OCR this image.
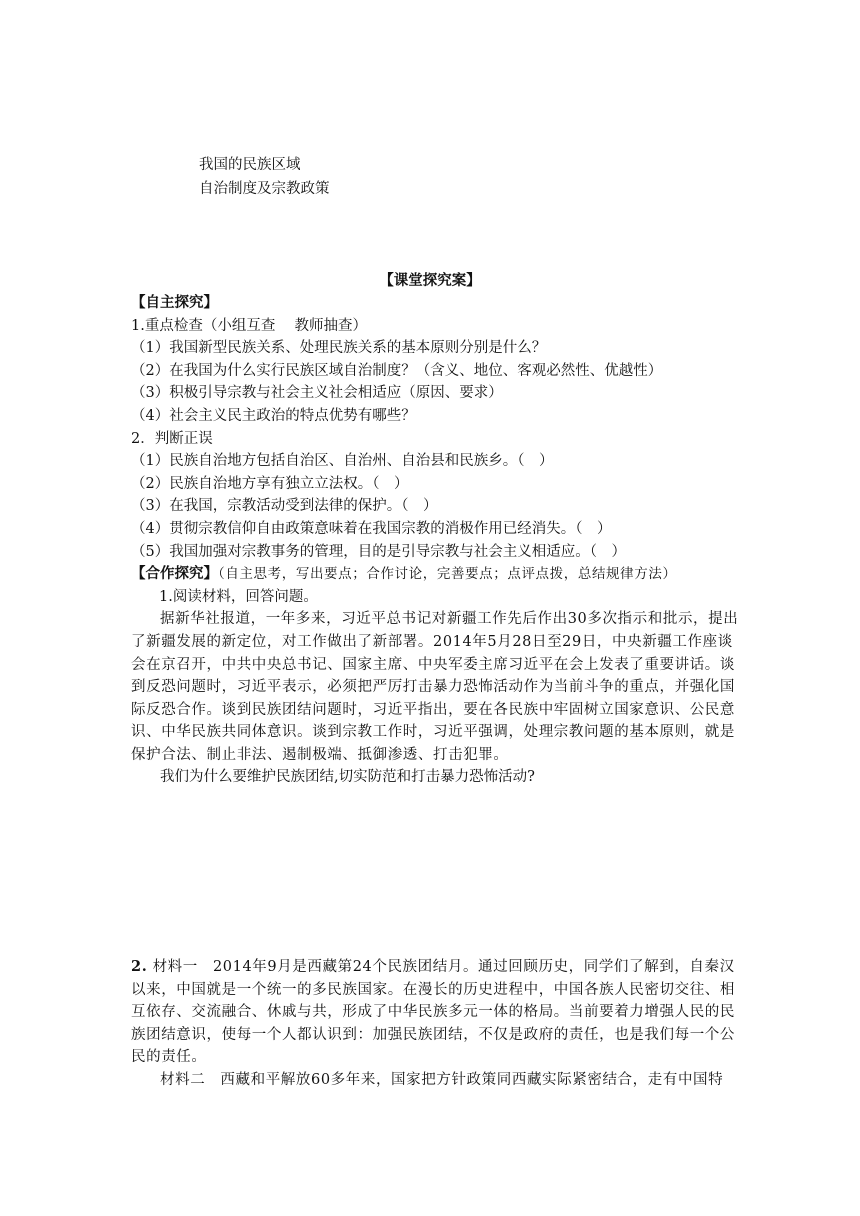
我国的民族区域
自治制度及宗教政策
【课堂探究案】

【自主探究】

1.重点检查（小组互查　 教师抽查）

（1）我国新型民族关系、处理民族关系的基本原则分别是什么？

（2）在我国为什么实行民族区域自治制度？（含义、地位、客观必然性、优越性）

（3）积极引导宗教与社会主义社会相适应（原因、要求）

（4）社会主义民主政治的特点优势有哪些？

2．判断正误

（1）民族自治地方包括自治区、自治州、自治县和民族乡。（　）

（2）民族自治地方享有独立立法权。（　）

（3）在我国，宗教活动受到法律的保护。（　）

（4）贯彻宗教信仰自由政策意味着在我国宗教的消极作用已经消失。（　）

（5）我国加强对宗教事务的管理，目的是引导宗教与社会主义相适应。（　）

【合作探究】（自主思考，写出要点；合作讨论，完善要点；点评点拨，总结规律方法）

1.阅读材料，回答问题。

据新华社报道，一年多来，习近平总书记对新疆工作先后作出30多次指示和批示，提出了新疆发展的新定位，对工作做出了新部署。2014年5月28日至29日，中央新疆工作座谈会在京召开，中共中央总书记、国家主席、中央军委主席习近平在会上发表了重要讲话。谈到反恐问题时，习近平表示，必须把严厉打击暴力恐怖活动作为当前斗争的重点，并强化国际反恐合作。谈到民族团结问题时，习近平指出，要在各民族中牢固树立国家意识、公民意识、中华民族共同体意识。谈到宗教工作时，习近平强调，处理宗教问题的基本原则，就是保护合法、制止非法、遏制极端、抵御渗透、打击犯罪。

我们为什么要维护民族团结,切实防范和打击暴力恐怖活动?

2. 材料一　2014年9月是西藏第24个民族团结月。通过回顾历史，同学们了解到，自秦汉以来，中国就是一个统一的多民族国家。在漫长的历史进程中，中国各族人民密切交往、相互依存、交流融合、休戚与共，形成了中华民族多元一体的格局。当前要着力增强人民的民族团结意识，使每一个人都认识到：加强民族团结，不仅是政府的责任，也是我们每一个公民的责任。

材料二　西藏和平解放60多年来，国家把方针政策同西藏实际紧密结合，走有中国特
